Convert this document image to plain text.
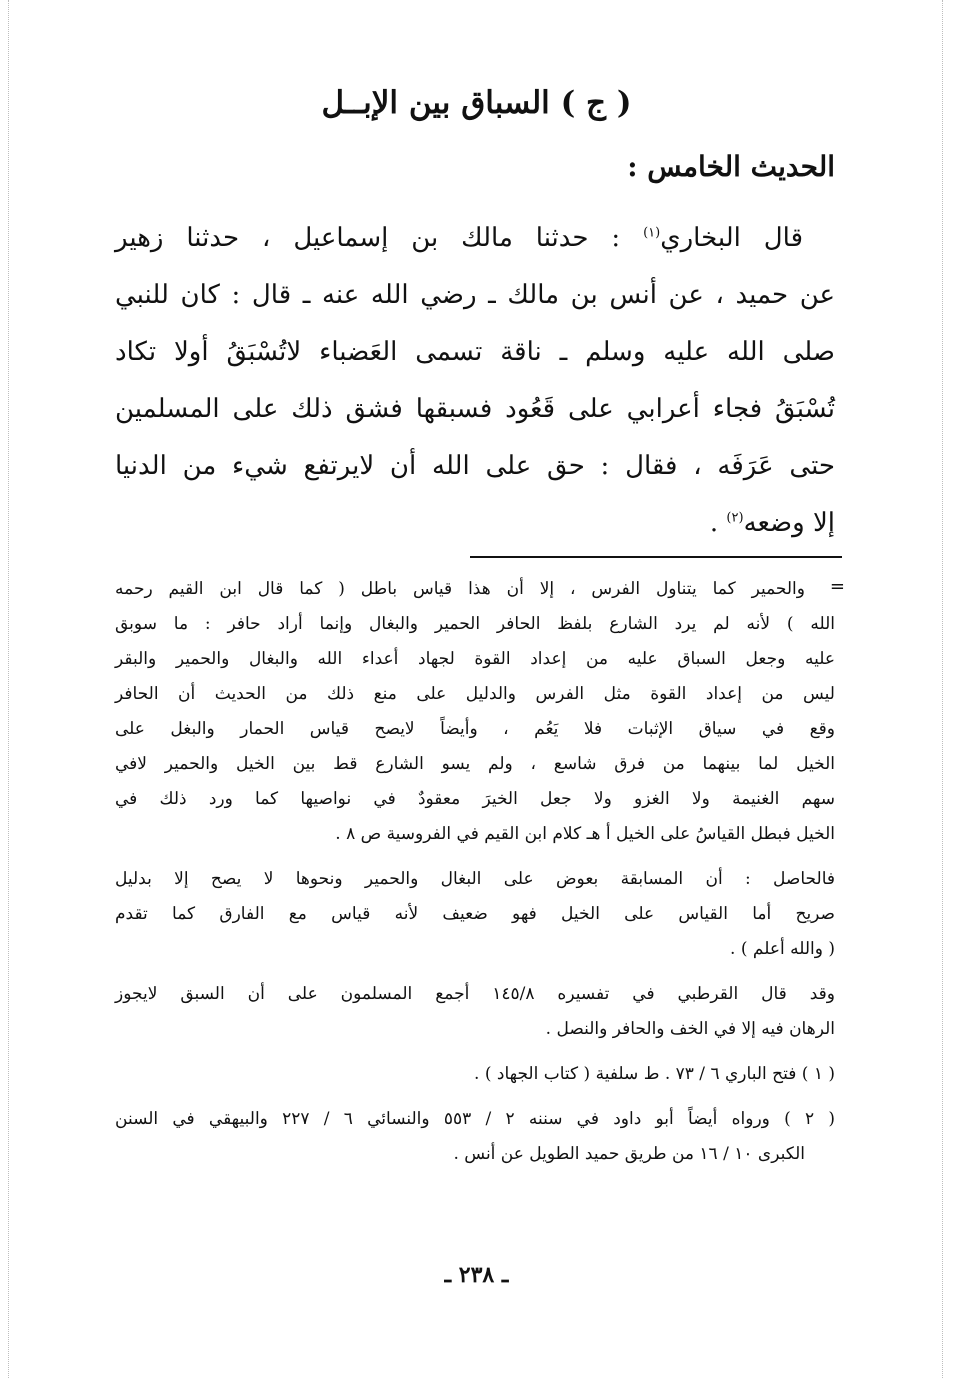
( ج ) السباق بين الإبــل
الحديث الخامس :
قال البخاري$^{(١)}$ : حدثنا مالك بن إسماعيل ، حدثنا زهير
عن حميد ، عن أنس بن مالك ـ رضي الله عنه ـ قال : كان للنبي
صلى الله عليه وسلم ـ ناقة تسمى العَضباء لاتُسْبَقُ أولا تكاد
تُسْبَقُ فجاء أعرابي على قَعُود فسبقها فشق ذلك على المسلمين
حتى عَرَفَه ، فقال : حق على الله أن لايرتفع شيء من الدنيا
إلا وضعه$^{(٢)}$ .
=
والحمير كما يتناول الفرس ، إلا أن هذا قياس باطل ( كما قال ابن القيم رحمه
الله ) لأنه لم يرد الشارع بلفظ الحافر الحمير والبغال وإنما أراد حافر : ما سوبق
عليه وجعل السباق عليه من إعداد القوة لجهاد أعداء الله والبغال والحمير والبقر
ليس من إعداد القوة مثل الفرس والدليل على منع ذلك من الحديث أن الحافر
وقع في سياق الإثبات فلا يَعُم ، وأيضاً لايصح قياس الحمار والبغل على
الخيل لما بينهما من فرق شاسع ، ولم يسو الشارع قط بين الخيل والحمير لافي
سهم الغنيمة ولا الغزو ولا جعل الخيرَ معقودٌ في نواصيها كما ورد ذلك في
الخيل فبطل القياسُ على الخيل أ هـ كلام ابن القيم في الفروسية ص ٨ .
فالحاصل : أن المسابقة بعوض على البغال والحمير ونحوها لا يصح إلا بدليل
صريح أما القياس على الخيل فهو ضعيف لأنه قياس مع الفارق كما تقدم
( والله أعلم ) .
وقد قال القرطبي في تفسيره ١٤٥/٨ أجمع المسلمون على أن السبق لايجوز
الرهان فيه إلا في الخف والحافر والنصل .
( ١ ) فتح الباري ٦ / ٧٣ . ط سلفية ( كتاب الجهاد ) .
( ٢ ) ورواه أيضاً أبو داود في سننه ٢ / ٥٥٣ والنسائي ٦ / ٢٢٧ والبيهقي في السنن
الكبرى ١٠ / ١٦ من طريق حميد الطويل عن أنس .
ـ ٢٣٨ ـ
